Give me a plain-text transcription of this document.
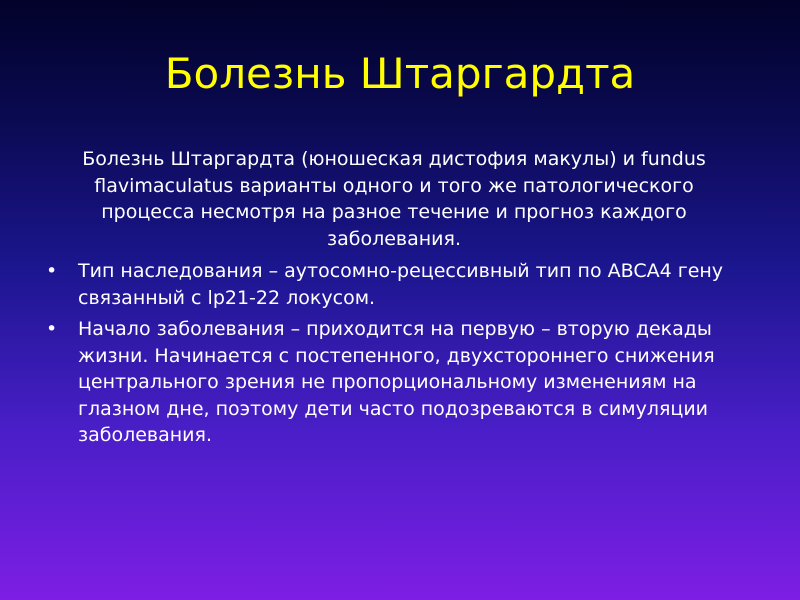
Болезнь Штаргардта

Болезнь Штаргардта (юношеская дистофия макулы) и fundus flavimaculatus варианты одного и того же патологического процесса несмотря на разное течение и прогноз каждого заболевания.

• Тип наследования – аутосомно-рецессивный тип по ABCA4 гену связанный с lp21-22 локусом.
• Начало заболевания – приходится на первую – вторую декады жизни. Начинается с постепенного, двухстороннего снижения центрального зрения не пропорциональному изменениям на глазном дне, поэтому дети часто подозреваются в симуляции заболевания.
